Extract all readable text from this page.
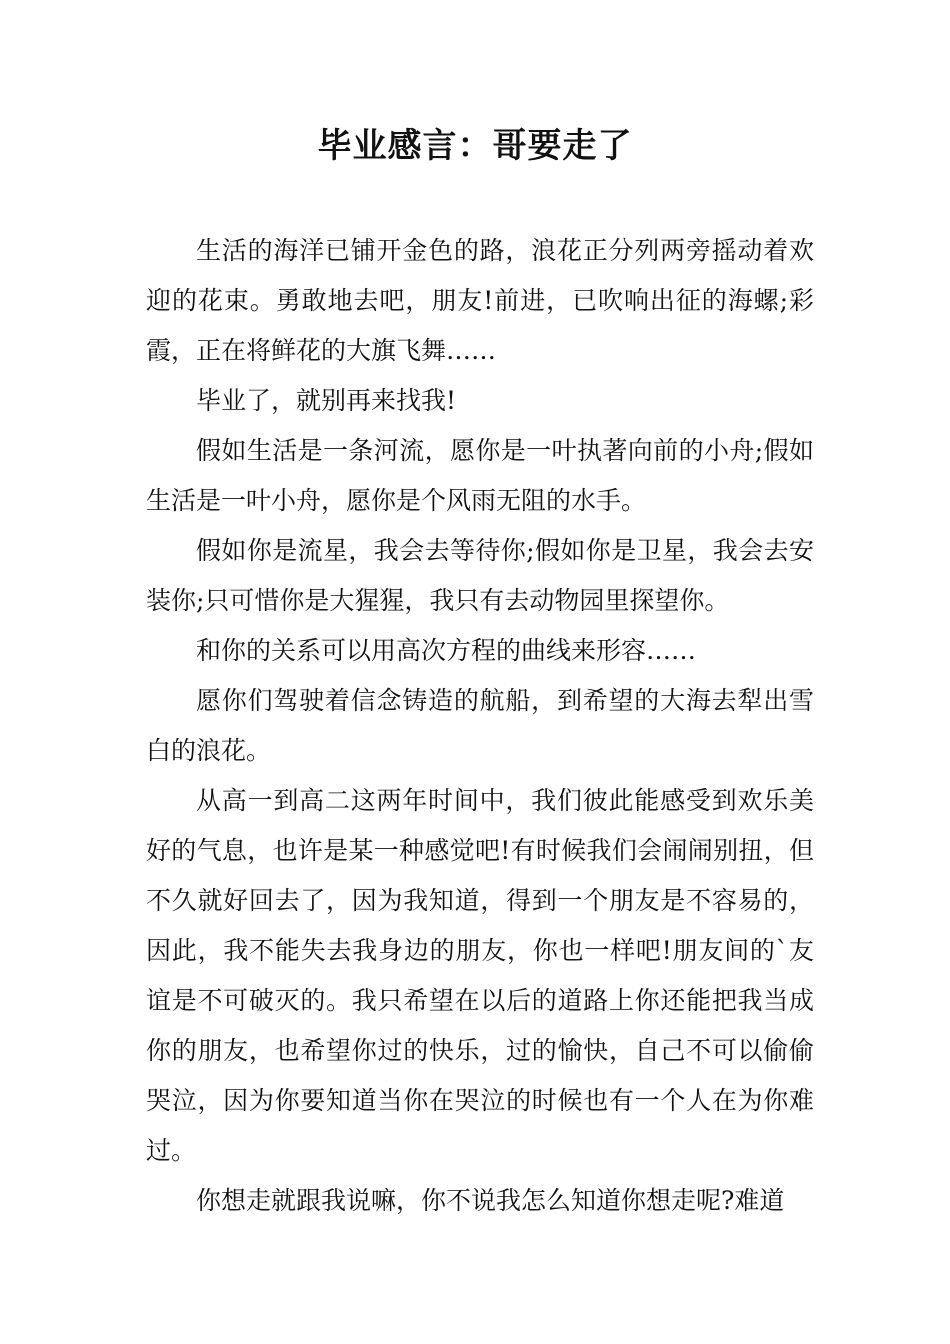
毕业感言：哥要走了

生活的海洋已铺开金色的路，浪花正分列两旁摇动着欢迎的花束。勇敢地去吧，朋友!前进，已吹响出征的海螺;彩霞，正在将鲜花的大旗飞舞……

毕业了，就别再来找我!

假如生活是一条河流，愿你是一叶执著向前的小舟;假如生活是一叶小舟，愿你是个风雨无阻的水手。

假如你是流星，我会去等待你;假如你是卫星，我会去安装你;只可惜你是大猩猩，我只有去动物园里探望你。

和你的关系可以用高次方程的曲线来形容……

愿你们驾驶着信念铸造的航船，到希望的大海去犁出雪白的浪花。

从高一到高二这两年时间中，我们彼此能感受到欢乐美好的气息，也许是某一种感觉吧!有时候我们会闹闹别扭，但不久就好回去了，因为我知道，得到一个朋友是不容易的，因此，我不能失去我身边的朋友，你也一样吧!朋友间的`友谊是不可破灭的。我只希望在以后的道路上你还能把我当成你的朋友，也希望你过的快乐，过的愉快，自己不可以偷偷哭泣，因为你要知道当你在哭泣的时候也有一个人在为你难过。

你想走就跟我说嘛，你不说我怎么知道你想走呢?难道
